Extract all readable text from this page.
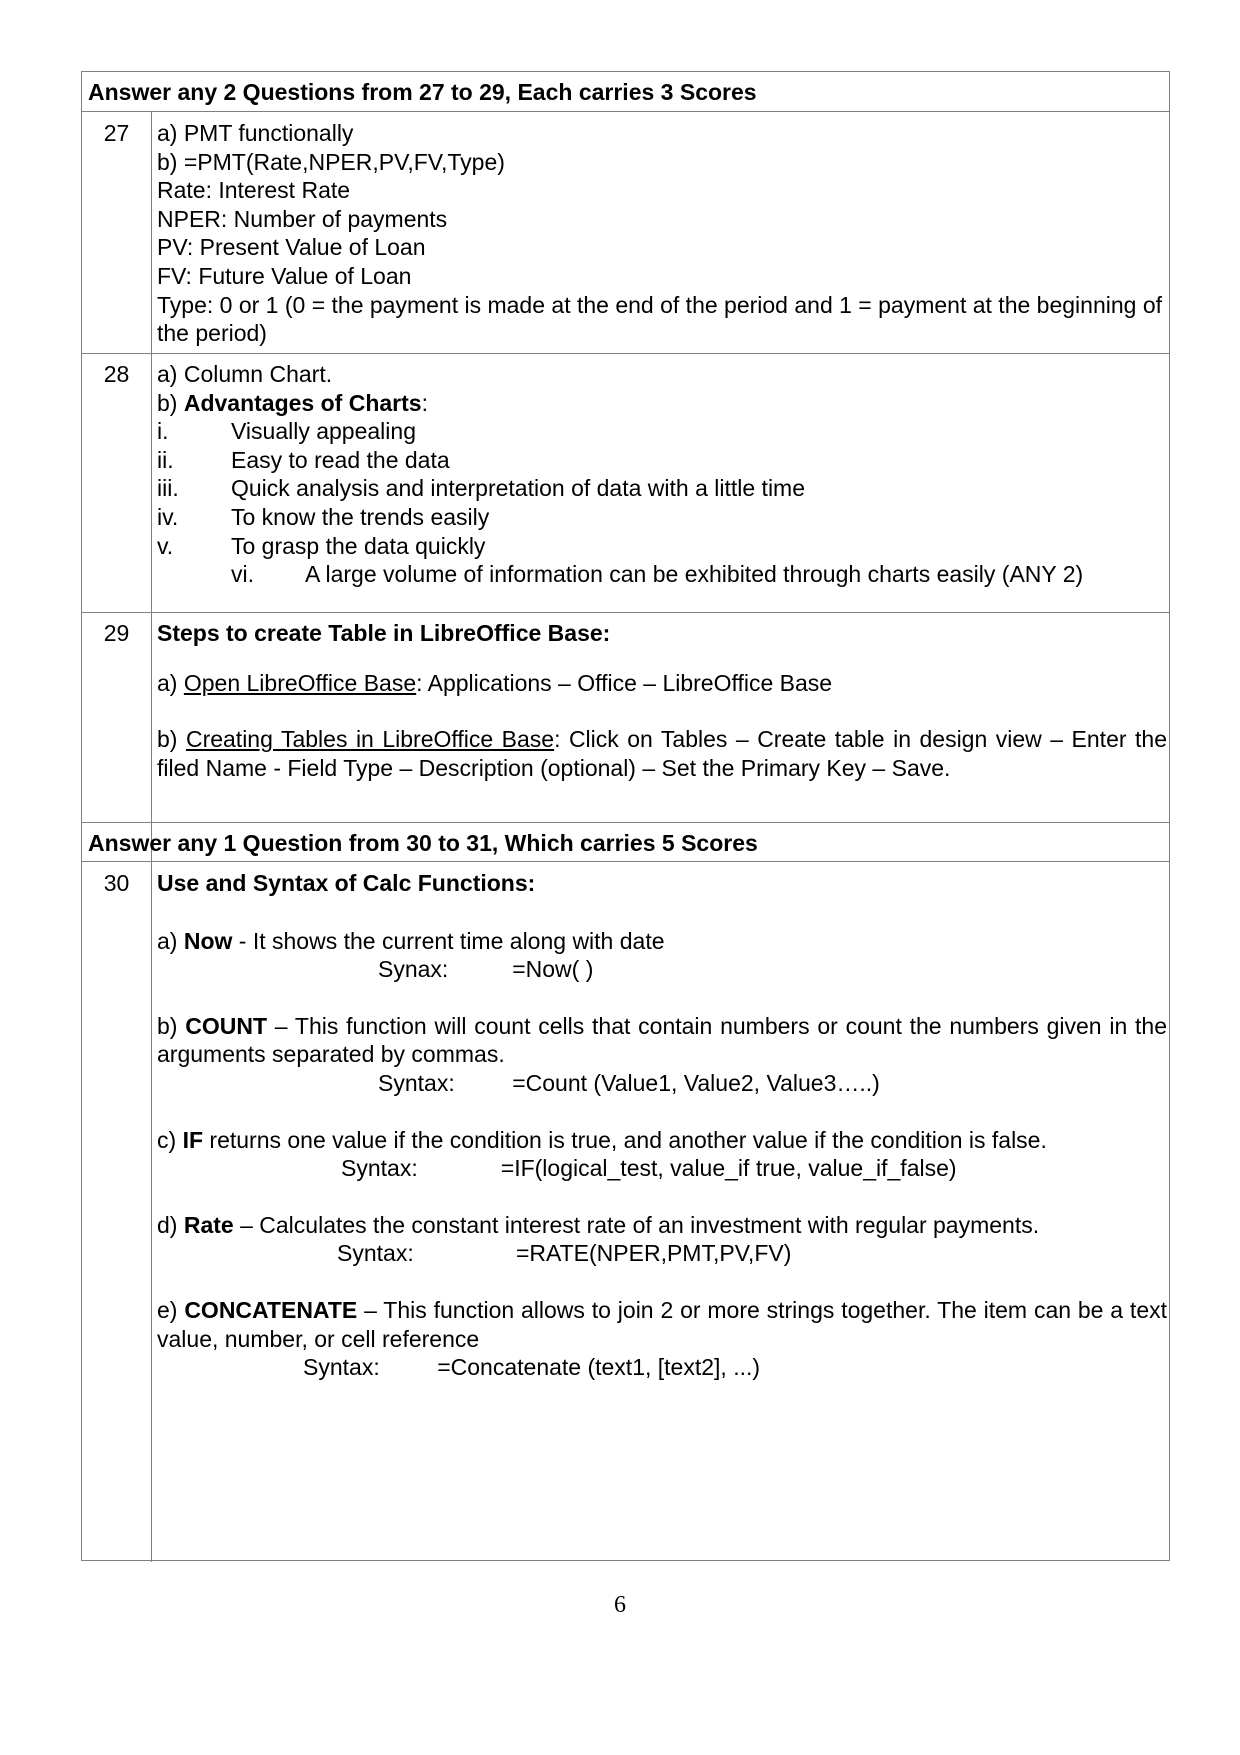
Answer any 2 Questions from 27 to 29, Each carries 3 Scores
27	a) PMT functionally

b) =PMT(Rate,NPER,PV,FV,Type)

Rate: Interest Rate

NPER: Number of payments

PV: Present Value of Loan

FV: Future Value of Loan

Type: 0 or 1 (0 = the payment is made at the end of the period and 1 = payment at the beginning of the period)

28	a) Column Chart.

b) Advantages of Charts:

i.	Visually appealing
ii.	Easy to read the data
iii.	Quick analysis and interpretation of data with a little time
iv.	To know the trends easily
v.	To grasp the data quickly
vi.	A large volume of information can be exhibited through charts easily (ANY 2)
29	Steps to create Table in LibreOffice Base:

a) Open LibreOffice Base: Applications – Office – LibreOffice Base

b) Creating Tables in LibreOffice Base: Click on Tables – Create table in design view – Enter the filed Name - Field Type – Description (optional) – Set the Primary Key – Save.

Answer any 1 Question from 30 to 31, Which carries 5 Scores
30	Use and Syntax of Calc Functions:

a) Now - It shows the current time along with date

Synax:          =Now( )

b) COUNT – This function will count cells that contain numbers or count the numbers given in the arguments separated by commas.

Syntax:         =Count (Value1, Value2, Value3…..)

c) IF returns one value if the condition is true, and another value if the condition is false.

Syntax:             =IF(logical_test, value_if true, value_if_false)

d) Rate – Calculates the constant interest rate of an investment with regular payments.

Syntax:                =RATE(NPER,PMT,PV,FV)

e) CONCATENATE – This function allows to join 2 or more strings together. The item can be a text value, number, or cell reference

Syntax:         =Concatenate (text1, [text2], ...)

6
